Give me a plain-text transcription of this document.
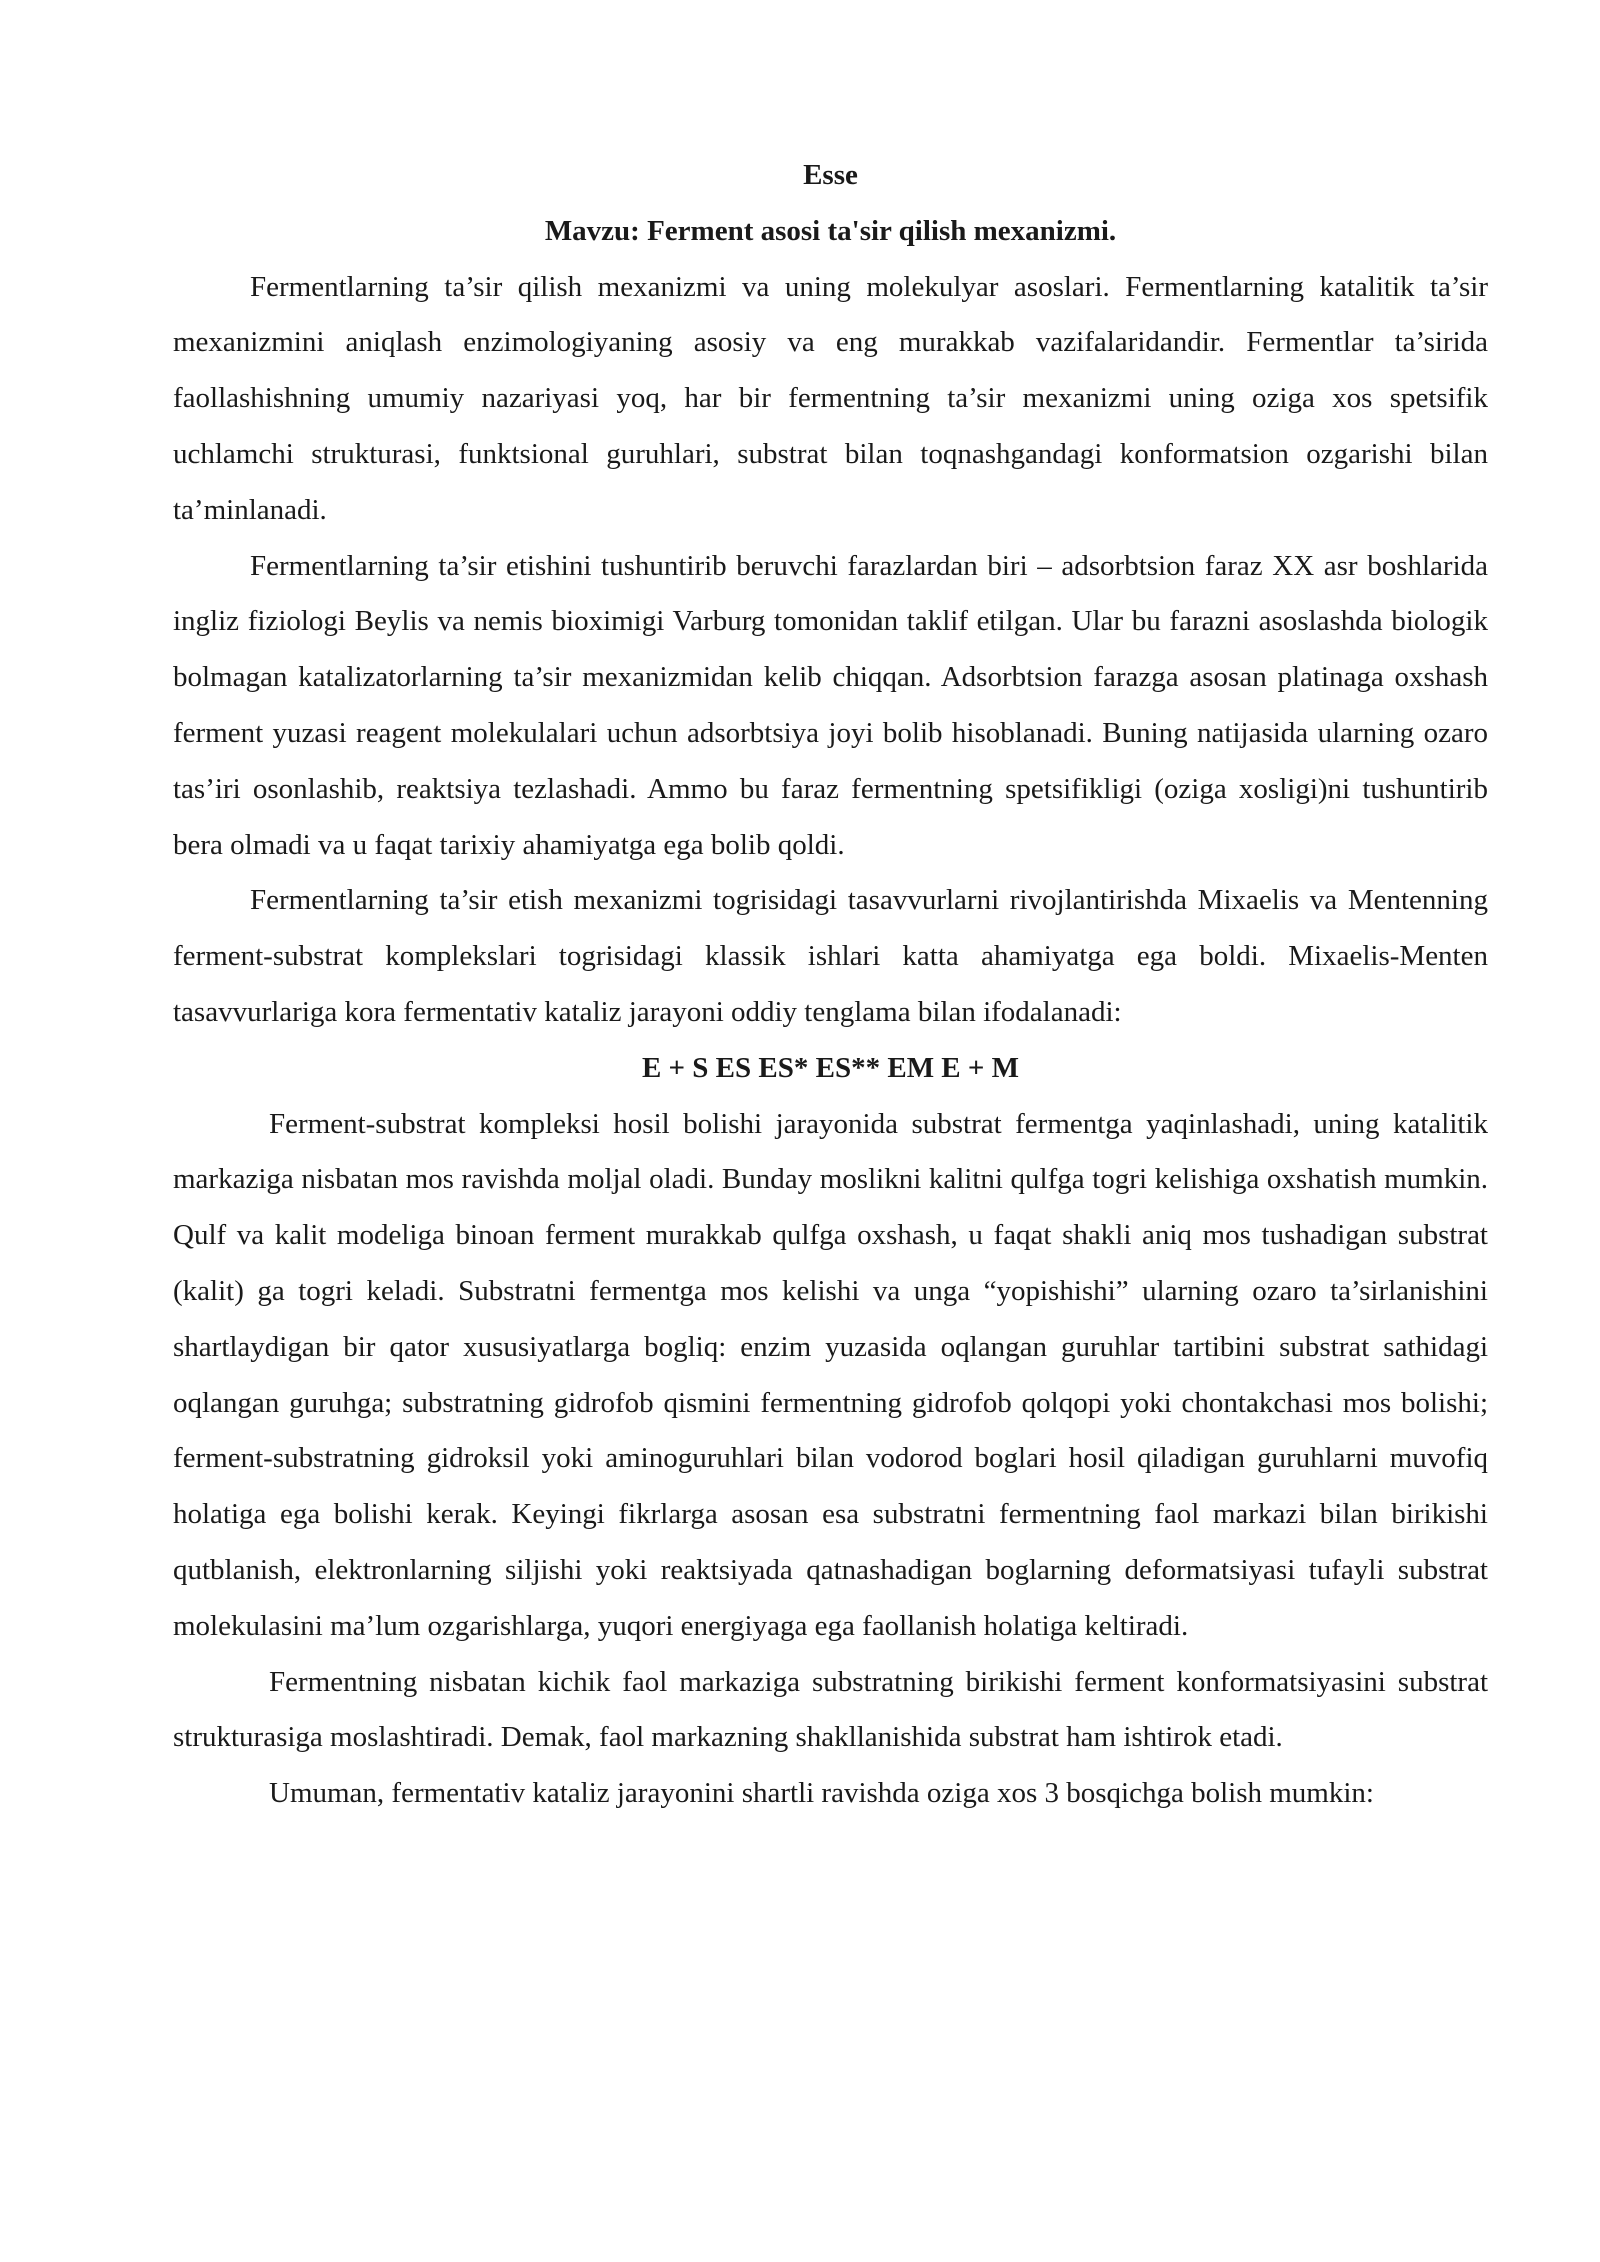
Esse

Mavzu: Ferment asosi ta'sir qilish mexanizmi.

Fermentlarning ta’sir qilish mexanizmi va uning molekulyar asoslari. Fermentlarning katalitik ta’sir mexanizmini aniqlash enzimologiyaning asosiy va eng murakkab vazifalaridandir. Fermentlar ta’sirida faollashishning umumiy nazariyasi yoq, har bir fermentning ta’sir mexanizmi uning oziga xos spetsifik uchlamchi strukturasi, funktsional guruhlari, substrat bilan toqnashgandagi konformatsion ozgarishi bilan ta’minlanadi.

Fermentlarning ta’sir etishini tushuntirib beruvchi farazlardan biri – adsorbtsion faraz XX asr boshlarida ingliz fiziologi Beylis va nemis bioximigi Varburg tomonidan taklif etilgan. Ular bu farazni asoslashda biologik bolmagan katalizatorlarning ta’sir mexanizmidan kelib chiqqan. Adsorbtsion farazga asosan platinaga oxshash ferment yuzasi reagent molekulalari uchun adsorbtsiya joyi bolib hisoblanadi. Buning natijasida ularning ozaro tas’iri osonlashib, reaktsiya tezlashadi. Ammo bu faraz fermentning spetsifikligi (oziga xosligi)ni tushuntirib bera olmadi va u faqat tarixiy ahamiyatga ega bolib qoldi.

Fermentlarning ta’sir etish mexanizmi togrisidagi tasavvurlarni rivojlantirishda Mixaelis va Mentenning ferment-substrat komplekslari togrisidagi klassik ishlari katta ahamiyatga ega boldi. Mixaelis-Menten tasavvurlariga kora fermentativ kataliz jarayoni oddiy tenglama bilan ifodalanadi:

E + S ES ES* ES** EM E + M

Ferment-substrat kompleksi hosil bolishi jarayonida substrat fermentga yaqinlashadi, uning katalitik markaziga nisbatan mos ravishda moljal oladi. Bunday moslikni kalitni qulfga togri kelishiga oxshatish mumkin. Qulf va kalit modeliga binoan ferment murakkab qulfga oxshash, u faqat shakli aniq mos tushadigan substrat (kalit) ga togri keladi. Substratni fermentga mos kelishi va unga “yopishishi” ularning ozaro ta’sirlanishini shartlaydigan bir qator xususiyatlarga bogliq: enzim yuzasida oqlangan guruhlar tartibini substrat sathidagi oqlangan guruhga; substratning gidrofob qismini fermentning gidrofob qolqopi yoki chontakchasi mos bolishi; ferment-substratning gidroksil yoki aminoguruhlari bilan vodorod boglari hosil qiladigan guruhlarni muvofiq holatiga ega bolishi kerak. Keyingi fikrlarga asosan esa substratni fermentning faol markazi bilan birikishi qutblanish, elektronlarning siljishi yoki reaktsiyada qatnashadigan boglarning deformatsiyasi tufayli substrat molekulasini ma’lum ozgarishlarga, yuqori energiyaga ega faollanish holatiga keltiradi.

Fermentning nisbatan kichik faol markaziga substratning birikishi ferment konformatsiyasini substrat strukturasiga moslashtiradi. Demak, faol markazning shakllanishida substrat ham ishtirok etadi.

Umuman, fermentativ kataliz jarayonini shartli ravishda oziga xos 3 bosqichga bolish mumkin:
